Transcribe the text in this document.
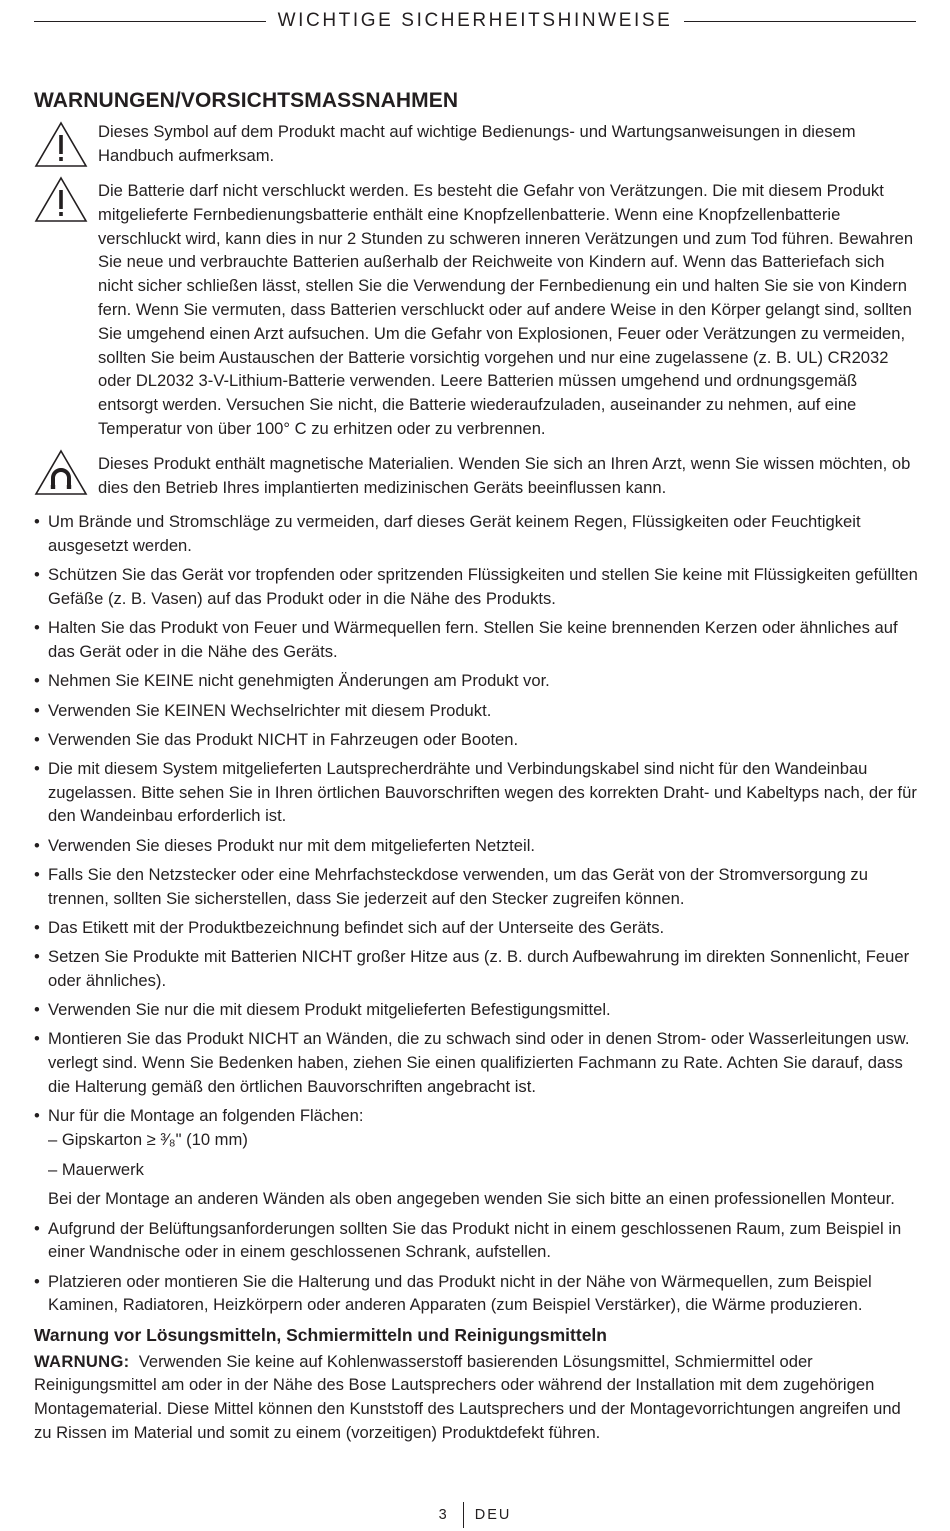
WICHTIGE SICHERHEITSHINWEISE
WARNUNGEN/VORSICHTSMASSNAHMEN
Dieses Symbol auf dem Produkt macht auf wichtige Bedienungs- und Wartungsanweisungen in diesem Handbuch aufmerksam.
Die Batterie darf nicht verschluckt werden. Es besteht die Gefahr von Verätzungen. Die mit diesem Produkt mitgelieferte Fernbedienungsbatterie enthält eine Knopfzellenbatterie. Wenn eine Knopfzellenbatterie verschluckt wird, kann dies in nur 2 Stunden zu schweren inneren Verätzungen und zum Tod führen. Bewahren Sie neue und verbrauchte Batterien außerhalb der Reichweite von Kindern auf. Wenn das Batteriefach sich nicht sicher schließen lässt, stellen Sie die Verwendung der Fernbedienung ein und halten Sie sie von Kindern fern. Wenn Sie vermuten, dass Batterien verschluckt oder auf andere Weise in den Körper gelangt sind, sollten Sie umgehend einen Arzt aufsuchen. Um die Gefahr von Explosionen, Feuer oder Verätzungen zu vermeiden, sollten Sie beim Austauschen der Batterie vorsichtig vorgehen und nur eine zugelassene (z. B. UL) CR2032 oder DL2032 3-V-Lithium-Batterie verwenden. Leere Batterien müssen umgehend und ordnungsgemäß entsorgt werden. Versuchen Sie nicht, die Batterie wiederaufzuladen, auseinander zu nehmen, auf eine Temperatur von über 100° C zu erhitzen oder zu verbrennen.
Dieses Produkt enthält magnetische Materialien. Wenden Sie sich an Ihren Arzt, wenn Sie wissen möchten, ob dies den Betrieb Ihres implantierten medizinischen Geräts beeinflussen kann.
• Um Brände und Stromschläge zu vermeiden, darf dieses Gerät keinem Regen, Flüssigkeiten oder Feuchtigkeit ausgesetzt werden.
• Schützen Sie das Gerät vor tropfenden oder spritzenden Flüssigkeiten und stellen Sie keine mit Flüssigkeiten gefüllten Gefäße (z. B. Vasen) auf das Produkt oder in die Nähe des Produkts.
• Halten Sie das Produkt von Feuer und Wärmequellen fern. Stellen Sie keine brennenden Kerzen oder ähnliches auf das Gerät oder in die Nähe des Geräts.
• Nehmen Sie KEINE nicht genehmigten Änderungen am Produkt vor.
• Verwenden Sie KEINEN Wechselrichter mit diesem Produkt.
• Verwenden Sie das Produkt NICHT in Fahrzeugen oder Booten.
• Die mit diesem System mitgelieferten Lautsprecherdrähte und Verbindungskabel sind nicht für den Wandeinbau zugelassen. Bitte sehen Sie in Ihren örtlichen Bauvorschriften wegen des korrekten Draht- und Kabeltyps nach, der für den Wandeinbau erforderlich ist.
• Verwenden Sie dieses Produkt nur mit dem mitgelieferten Netzteil.
• Falls Sie den Netzstecker oder eine Mehrfachsteckdose verwenden, um das Gerät von der Stromversorgung zu trennen, sollten Sie sicherstellen, dass Sie jederzeit auf den Stecker zugreifen können.
• Das Etikett mit der Produktbezeichnung befindet sich auf der Unterseite des Geräts.
• Setzen Sie Produkte mit Batterien NICHT großer Hitze aus (z. B. durch Aufbewahrung im direkten Sonnenlicht, Feuer oder ähnliches).
• Verwenden Sie nur die mit diesem Produkt mitgelieferten Befestigungsmittel.
• Montieren Sie das Produkt NICHT an Wänden, die zu schwach sind oder in denen Strom- oder Wasserleitungen usw. verlegt sind. Wenn Sie Bedenken haben, ziehen Sie einen qualifizierten Fachmann zu Rate. Achten Sie darauf, dass die Halterung gemäß den örtlichen Bauvorschriften angebracht ist.
• Nur für die Montage an folgenden Flächen:
– Gipskarton ≥ ³⁄₈" (10 mm)
– Mauerwerk
Bei der Montage an anderen Wänden als oben angegeben wenden Sie sich bitte an einen professionellen Monteur.
• Aufgrund der Belüftungsanforderungen sollten Sie das Produkt nicht in einem geschlossenen Raum, zum Beispiel in einer Wandnische oder in einem geschlossenen Schrank, aufstellen.
• Platzieren oder montieren Sie die Halterung und das Produkt nicht in der Nähe von Wärmequellen, zum Beispiel Kaminen, Radiatoren, Heizkörpern oder anderen Apparaten (zum Beispiel Verstärker), die Wärme produzieren.
Warnung vor Lösungsmitteln, Schmiermitteln und Reinigungsmitteln

WARNUNG: Verwenden Sie keine auf Kohlenwasserstoff basierenden Lösungsmittel, Schmiermittel oder Reinigungsmittel am oder in der Nähe des Bose Lautsprechers oder während der Installation mit dem zugehörigen Montagematerial. Diese Mittel können den Kunststoff des Lautsprechers und der Montagevorrichtungen angreifen und zu Rissen im Material und somit zu einem (vorzeitigen) Produktdefekt führen.

3 DEU
